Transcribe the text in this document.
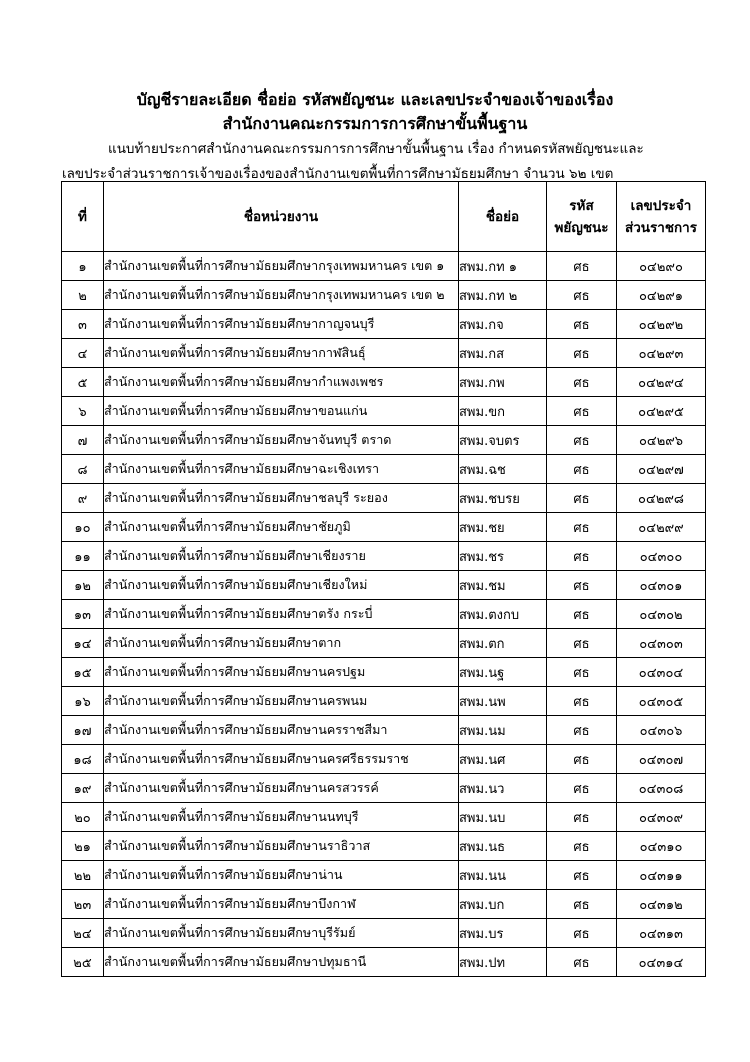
บัญชีรายละเอียด ชื่อย่อ รหัสพยัญชนะ และเลขประจำของเจ้าของเรื่อง
สำนักงานคณะกรรมการการศึกษาขั้นพื้นฐาน
แนบท้ายประกาศสำนักงานคณะกรรมการการศึกษาขั้นพื้นฐาน เรื่อง กำหนดรหัสพยัญชนะและ
เลขประจำส่วนราชการเจ้าของเรื่องของสำนักงานเขตพื้นที่การศึกษามัธยมศึกษา จำนวน ๖๒ เขต
ที่	ชื่อหน่วยงาน	ชื่อย่อ	รหัส พยัญชนะ	เลขประจำ ส่วนราชการ
๑	สำนักงานเขตพื้นที่การศึกษามัธยมศึกษากรุงเทพมหานคร เขต ๑	สพม.กท ๑	ศธ	๐๔๒๙๐
๒	สำนักงานเขตพื้นที่การศึกษามัธยมศึกษากรุงเทพมหานคร เขต ๒	สพม.กท ๒	ศธ	๐๔๒๙๑
๓	สำนักงานเขตพื้นที่การศึกษามัธยมศึกษากาญจนบุรี	สพม.กจ	ศธ	๐๔๒๙๒
๔	สำนักงานเขตพื้นที่การศึกษามัธยมศึกษากาฬสินธุ์	สพม.กส	ศธ	๐๔๒๙๓
๕	สำนักงานเขตพื้นที่การศึกษามัธยมศึกษากำแพงเพชร	สพม.กพ	ศธ	๐๔๒๙๔
๖	สำนักงานเขตพื้นที่การศึกษามัธยมศึกษาขอนแก่น	สพม.ขก	ศธ	๐๔๒๙๕
๗	สำนักงานเขตพื้นที่การศึกษามัธยมศึกษาจันทบุรี ตราด	สพม.จบตร	ศธ	๐๔๒๙๖
๘	สำนักงานเขตพื้นที่การศึกษามัธยมศึกษาฉะเชิงเทรา	สพม.ฉช	ศธ	๐๔๒๙๗
๙	สำนักงานเขตพื้นที่การศึกษามัธยมศึกษาชลบุรี ระยอง	สพม.ชบรย	ศธ	๐๔๒๙๘
๑๐	สำนักงานเขตพื้นที่การศึกษามัธยมศึกษาชัยภูมิ	สพม.ชย	ศธ	๐๔๒๙๙
๑๑	สำนักงานเขตพื้นที่การศึกษามัธยมศึกษาเชียงราย	สพม.ชร	ศธ	๐๔๓๐๐
๑๒	สำนักงานเขตพื้นที่การศึกษามัธยมศึกษาเชียงใหม่	สพม.ชม	ศธ	๐๔๓๐๑
๑๓	สำนักงานเขตพื้นที่การศึกษามัธยมศึกษาตรัง กระบี่	สพม.ตงกบ	ศธ	๐๔๓๐๒
๑๔	สำนักงานเขตพื้นที่การศึกษามัธยมศึกษาตาก	สพม.ตก	ศธ	๐๔๓๐๓
๑๕	สำนักงานเขตพื้นที่การศึกษามัธยมศึกษานครปฐม	สพม.นฐ	ศธ	๐๔๓๐๔
๑๖	สำนักงานเขตพื้นที่การศึกษามัธยมศึกษานครพนม	สพม.นพ	ศธ	๐๔๓๐๕
๑๗	สำนักงานเขตพื้นที่การศึกษามัธยมศึกษานครราชสีมา	สพม.นม	ศธ	๐๔๓๐๖
๑๘	สำนักงานเขตพื้นที่การศึกษามัธยมศึกษานครศรีธรรมราช	สพม.นศ	ศธ	๐๔๓๐๗
๑๙	สำนักงานเขตพื้นที่การศึกษามัธยมศึกษานครสวรรค์	สพม.นว	ศธ	๐๔๓๐๘
๒๐	สำนักงานเขตพื้นที่การศึกษามัธยมศึกษานนทบุรี	สพม.นบ	ศธ	๐๔๓๐๙
๒๑	สำนักงานเขตพื้นที่การศึกษามัธยมศึกษานราธิวาส	สพม.นธ	ศธ	๐๔๓๑๐
๒๒	สำนักงานเขตพื้นที่การศึกษามัธยมศึกษาน่าน	สพม.นน	ศธ	๐๔๓๑๑
๒๓	สำนักงานเขตพื้นที่การศึกษามัธยมศึกษาบึงกาฬ	สพม.บก	ศธ	๐๔๓๑๒
๒๔	สำนักงานเขตพื้นที่การศึกษามัธยมศึกษาบุรีรัมย์	สพม.บร	ศธ	๐๔๓๑๓
๒๕	สำนักงานเขตพื้นที่การศึกษามัธยมศึกษาปทุมธานี	สพม.ปท	ศธ	๐๔๓๑๔
